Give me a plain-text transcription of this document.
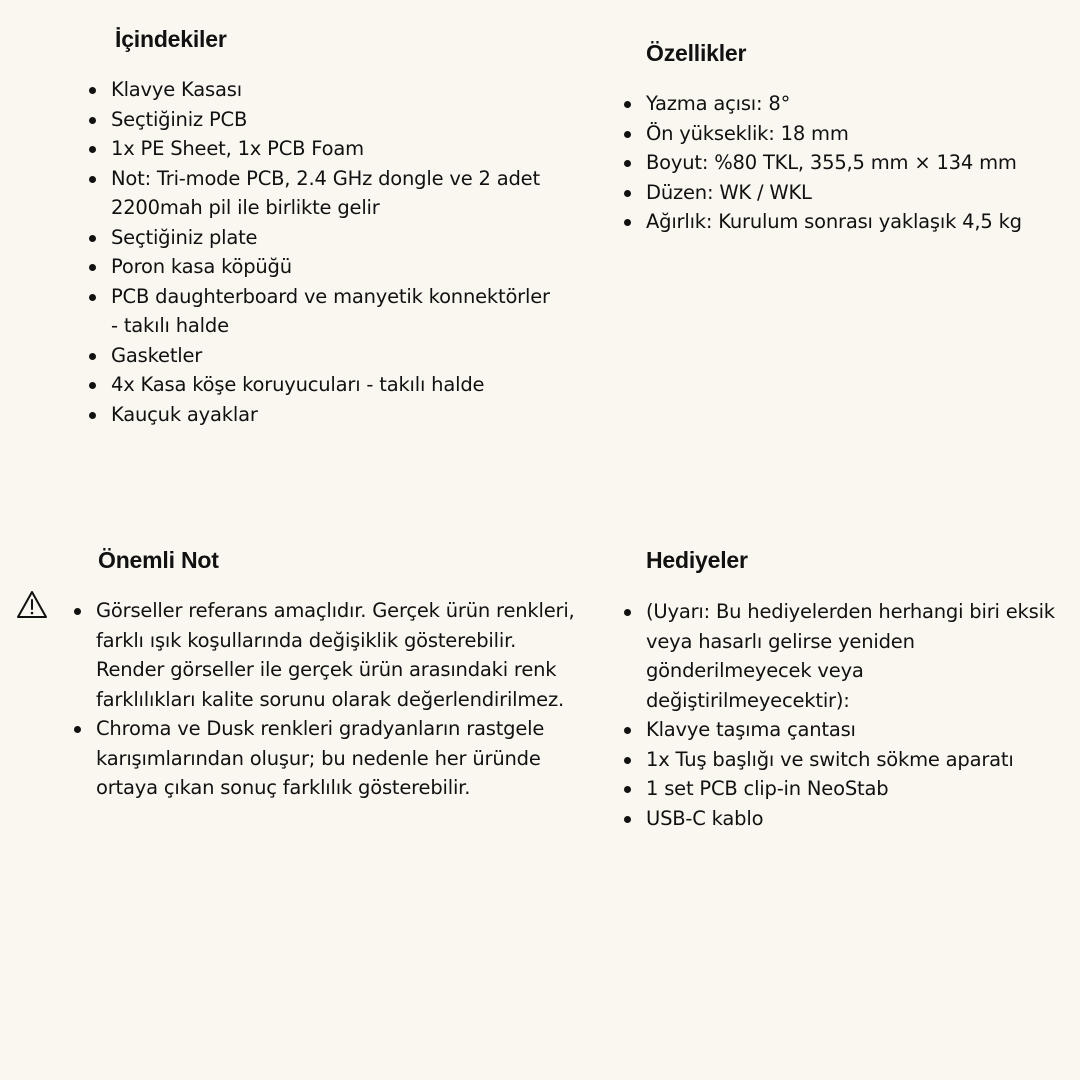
İçindekiler
Klavye Kasası
Seçtiğiniz PCB
1x PE Sheet, 1x PCB Foam
Not: Tri-mode PCB, 2.4 GHz dongle ve 2 adet 2200mah pil ile birlikte gelir
Seçtiğiniz plate
Poron kasa köpüğü
PCB daughterboard ve manyetik konnektörler - takılı halde
Gasketler
4x Kasa köşe koruyucuları - takılı halde
Kauçuk ayaklar
Özellikler
Yazma açısı: 8°
Ön yükseklik: 18 mm
Boyut: %80 TKL, 355,5 mm × 134 mm
Düzen: WK / WKL
Ağırlık: Kurulum sonrası yaklaşık 4,5 kg
Önemli Not
Görseller referans amaçlıdır. Gerçek ürün renkleri, farklı ışık koşullarında değişiklik gösterebilir. Render görseller ile gerçek ürün arasındaki renk farklılıkları kalite sorunu olarak değerlendirilmez.
Chroma ve Dusk renkleri gradyanların rastgele karışımlarından oluşur; bu nedenle her üründe ortaya çıkan sonuç farklılık gösterebilir.
Hediyeler
(Uyarı: Bu hediyelerden herhangi biri eksik veya hasarlı gelirse yeniden gönderilmeyecek veya değiştirilmeyecektir):
Klavye taşıma çantası
1x Tuş başlığı ve switch sökme aparatı
1 set PCB clip-in NeoStab
USB-C kablo
